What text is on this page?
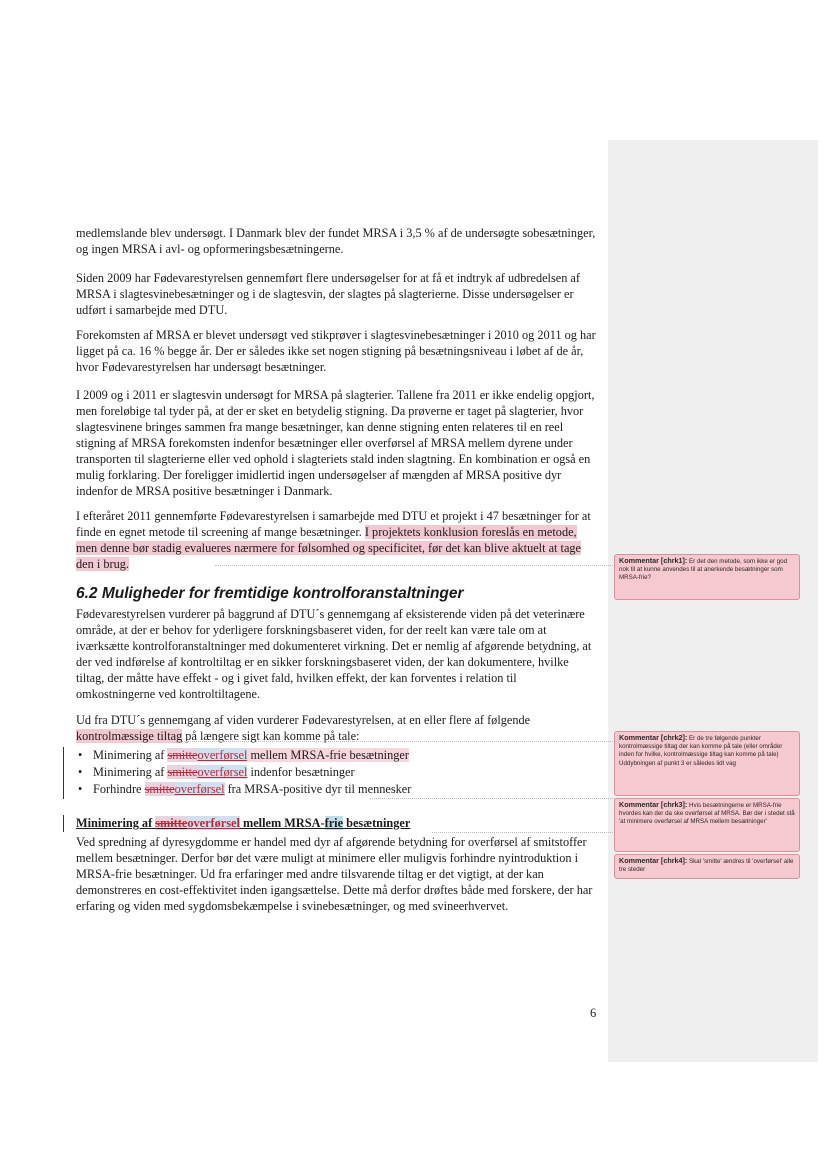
medlemslande blev undersøgt. I Danmark blev der fundet MRSA i 3,5 % af de undersøgte sobesætninger, og ingen MRSA i avl- og opformeringsbesætningerne.

Siden 2009 har Fødevarestyrelsen gennemført flere undersøgelser for at få et indtryk af udbredelsen af MRSA i slagtesvinebesætninger og i de slagtesvin, der slagtes på slagterierne. Disse undersøgelser er udført i samarbejde med DTU.

Forekomsten af MRSA er blevet undersøgt ved stikprøver i slagtesvinebesætninger i 2010 og 2011 og har ligget på ca. 16 % begge år. Der er således ikke set nogen stigning på besætningsniveau i løbet af de år, hvor Fødevarestyrelsen har undersøgt besætninger.

I 2009 og i 2011 er slagtesvin undersøgt for MRSA på slagterier. Tallene fra 2011 er ikke endelig opgjort, men foreløbige tal tyder på, at der er sket en betydelig stigning. Da prøverne er taget på slagterier, hvor slagtesvinene bringes sammen fra mange besætninger, kan denne stigning enten relateres til en reel stigning af MRSA forekomsten indenfor besætninger eller overførsel af MRSA mellem dyrene under transporten til slagterierne eller ved ophold i slagteriets stald inden slagtning. En kombination er også en mulig forklaring. Der foreligger imidlertid ingen undersøgelser af mængden af MRSA positive dyr indenfor de MRSA positive besætninger i Danmark.

I efteråret 2011 gennemførte Fødevarestyrelsen i samarbejde med DTU et projekt i 47 besætninger for at finde en egnet metode til screening af mange besætninger. I projektets konklusion foreslås en metode, men denne bør stadig evalueres nærmere for følsomhed og specificitet, før det kan blive aktuelt at tage den i brug.

6.2 Muligheder for fremtidige kontrolforanstaltninger

Fødevarestyrelsen vurderer på baggrund af DTU´s gennemgang af eksisterende viden på det veterinære område, at der er behov for yderligere forskningsbaseret viden, for der reelt kan være tale om at iværksætte kontrolforanstaltninger med dokumenteret virkning. Det er nemlig af afgørende betydning, at der ved indførelse af kontroltiltag er en sikker forskningsbaseret viden, der kan dokumentere, hvilke tiltag, der måtte have effekt - og i givet fald, hvilken effekt, der kan forventes i relation til omkostningerne ved kontroltiltagene.

Ud fra DTU´s gennemgang af viden vurderer Fødevarestyrelsen, at en eller flere af følgende kontrolmæssige tiltag på længere sigt kan komme på tale:

• Minimering af smitteoverførsel mellem MRSA-frie besætninger
• Minimering af smitteoverførsel indenfor besætninger
• Forhindre smitteoverførsel fra MRSA-positive dyr til mennesker

Minimering af smitteoverførsel mellem MRSA-frie besætninger

Ved spredning af dyresygdomme er handel med dyr af afgørende betydning for overførsel af smitstoffer mellem besætninger. Derfor bør det være muligt at minimere eller muligvis forhindre nyintroduktion i MRSA-frie besætninger. Ud fra erfaringer med andre tilsvarende tiltag er det vigtigt, at der kan demonstreres en cost-effektivitet inden igangsættelse. Dette må derfor drøftes både med forskere, der har erfaring og viden med sygdomsbekæmpelse i svinebesætninger, og med svineerhvervet.

Kommentar [chrk1]: Er det den metode, som ikke er god nok til at kunne anvendes til at anerkende besætninger som MRSA-frie?
Kommentar [chrk2]: Er de tre følgende punkter kontrolmæssige tiltag der kan komme på tale (eller områder inden for hvilke, kontrolmæssige tiltag kan komme på tale) Uddybningen af punkt 3 er således lidt vag
Kommentar [chrk3]: Hvis besætningerne er MRSA-frie hvordes kan der da ske overførsel af MRSA. Bør der i stedet stå 'at minimere overførsel af MRSA mellem besætninger'
Kommentar [chrk4]: Skal 'smitte' ændres til 'overførsel' alle tre steder
6
